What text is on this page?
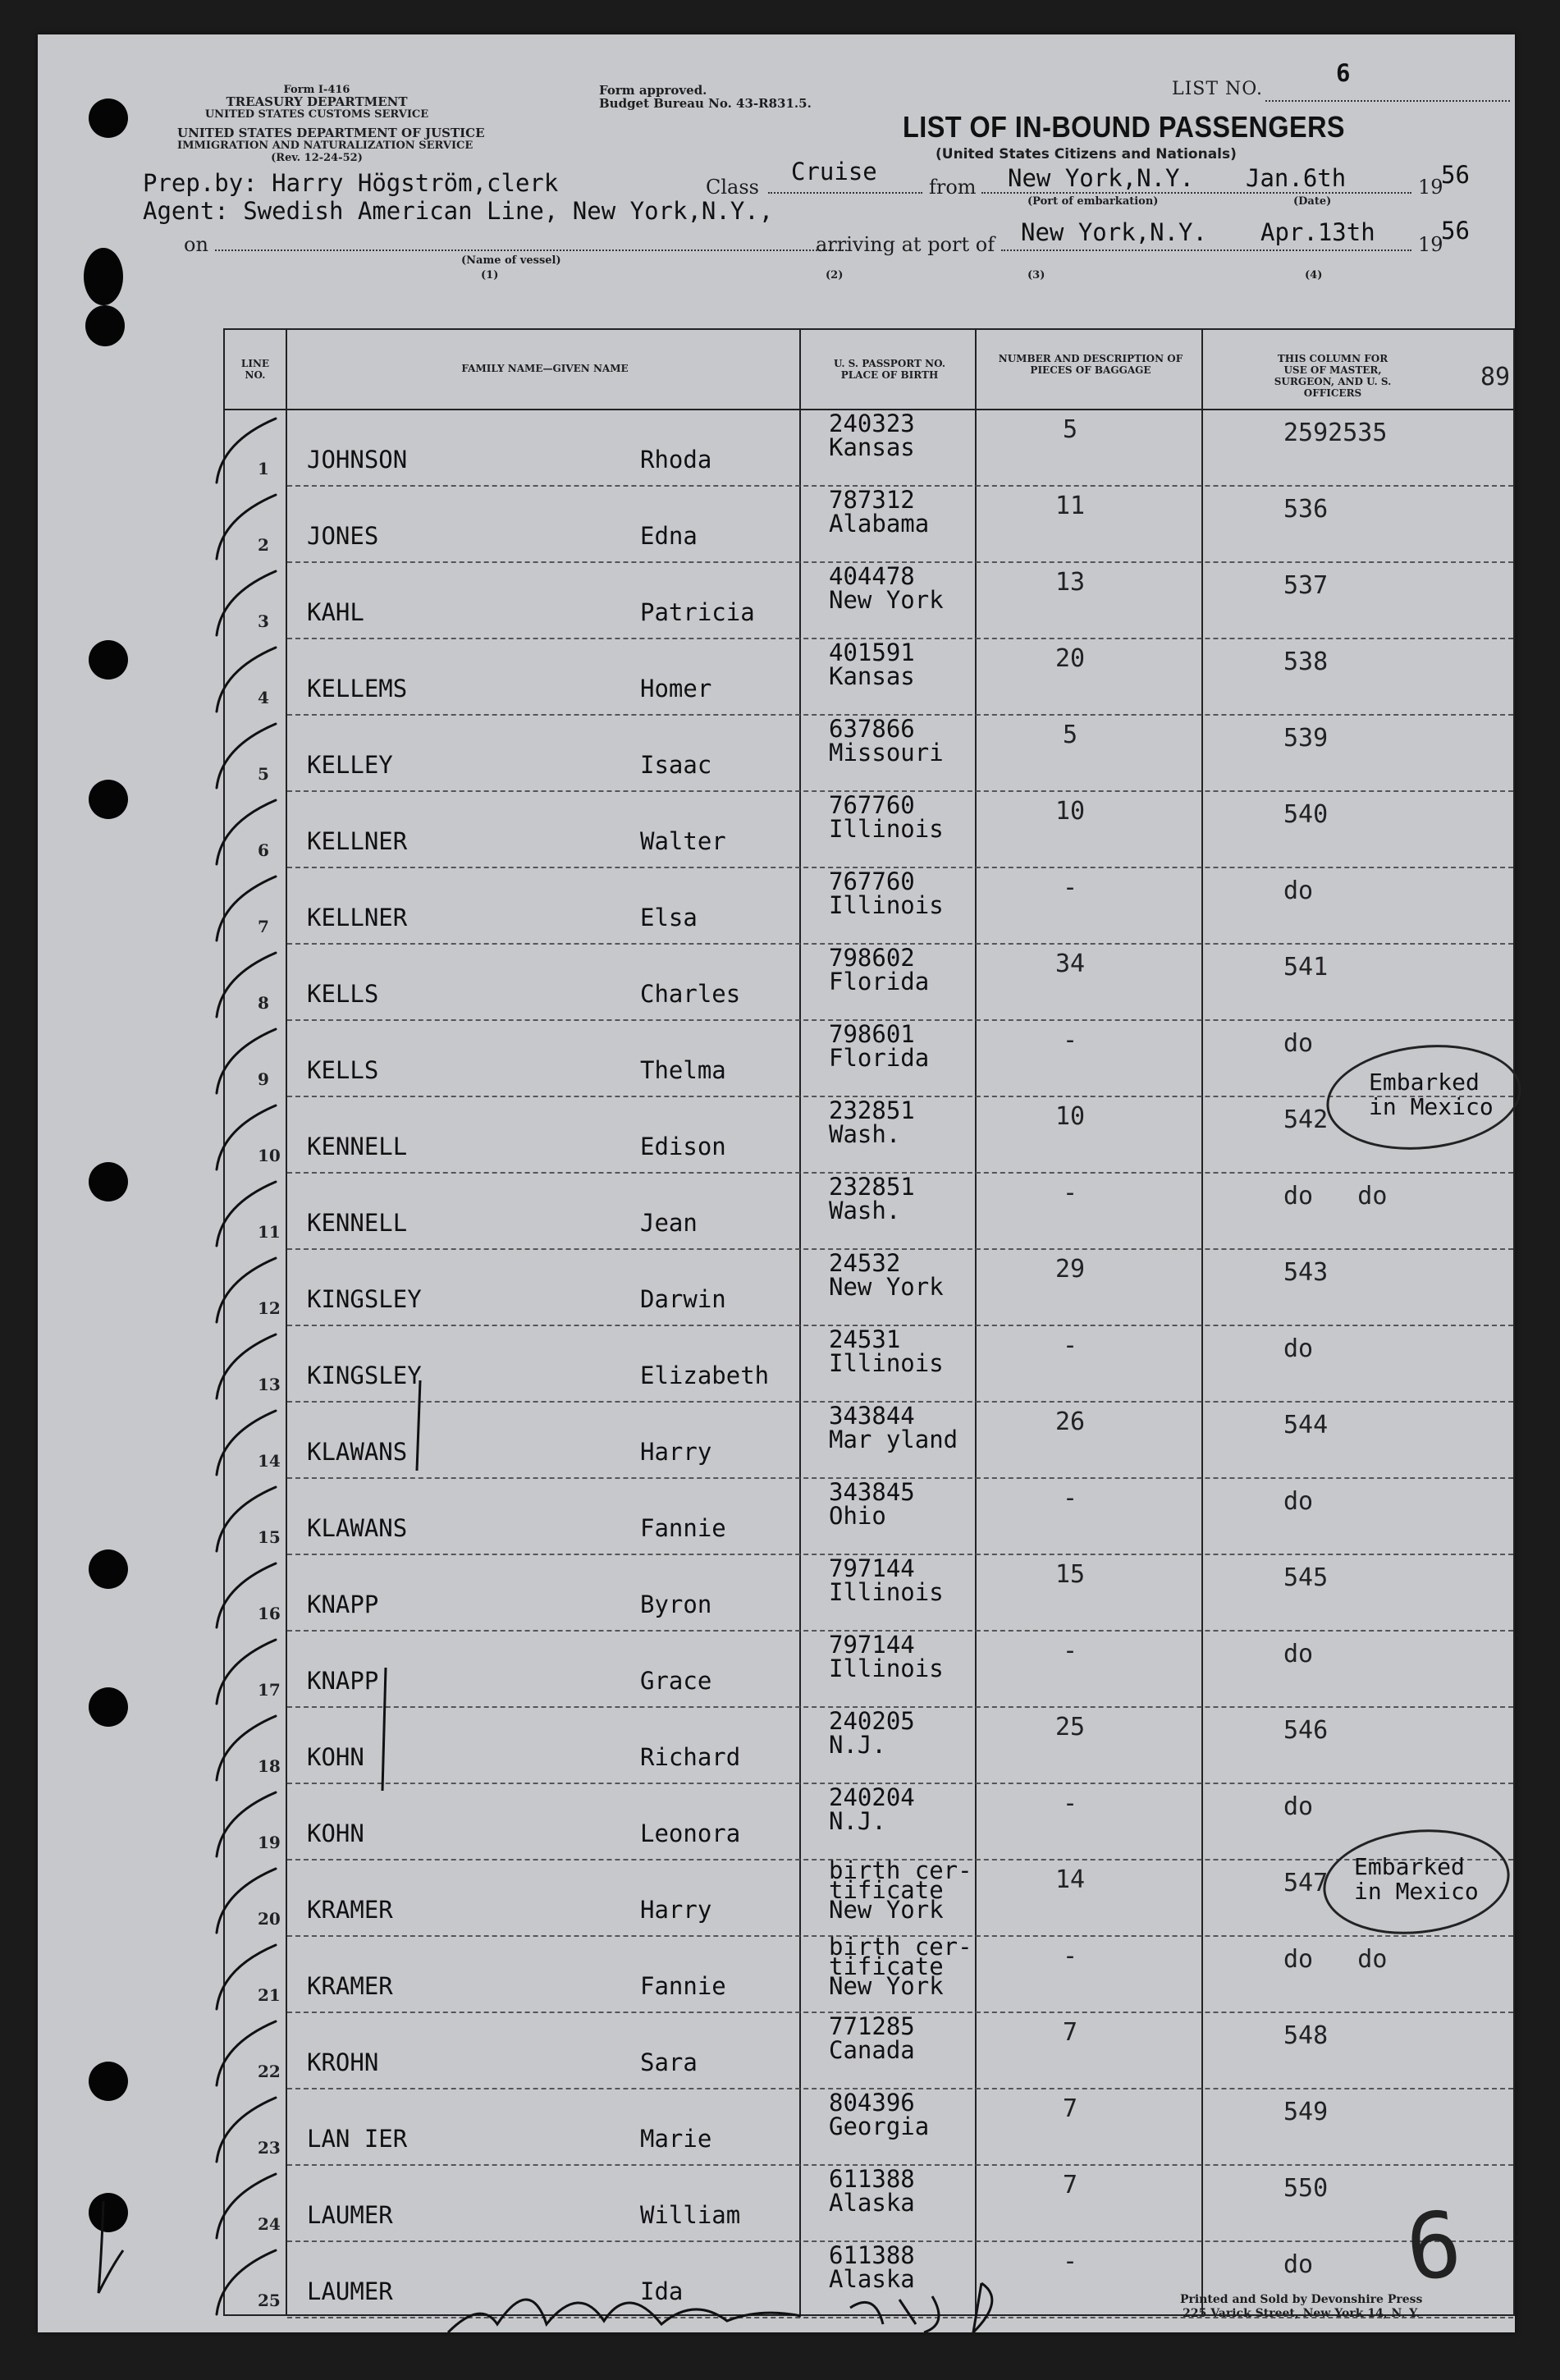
Form I-416
TREASURY DEPARTMENT
UNITED STATES CUSTOMS SERVICE
UNITED STATES DEPARTMENT OF JUSTICE
IMMIGRATION AND NATURALIZATION SERVICE
(Rev. 12-24-52)
Form approved.
Budget Bureau No. 43-R831.5.
LIST NO.
6
LIST OF IN-BOUND PASSENGERS
(United States Citizens and Nationals)
Prep.by: Harry Högström,clerk
Agent: Swedish American Line, New York,N.Y.,
Class
Cruise
from New York,N.Y. Jan.6th	19
56
(Port of embarkation)	(Date)
on
(Name of vessel)
(1)
arriving at port of New York,N.Y. Apr.13th 19
56
(2)	(3)	(4)
LINE NO.
FAMILY NAME—GIVEN NAME	U. S. PASSPORT NO. PLACE OF BIRTH
NUMBER AND DESCRIPTION OF PIECES OF BAGGAGE
THIS COLUMN FOR USE OF MASTER, SURGEON, AND U. S. OFFICERS
89
1 JOHNSON	Rhoda
240323
Kansas
5	2592535
2 JONES	Edna
787312
Alabama
11	536
3 KAHL	Patricia
404478
New York
13	537
4 KELLEMS	Homer
401591
Kansas
20	538
5 KELLEY	Isaac
637866
Missouri
5	539
6 KELLNER	Walter
767760
Illinois
10	540
7 KELLNER	Elsa
767760
Illinois
-	do
8 KELLS	Charles
798602
Florida
34	541
9 KELLS	Thelma
798601
Florida
-	do
10 KENNELL	Edison
232851
Wash.
10	542
11 KENNELL	Jean
232851
Wash.
-	do   do
12 KINGSLEY	Darwin
24532
New York
29	543
13 KINGSLEY	Elizabeth
24531
Illinois
-	do
14 KLAWANS	Harry
343844
Mar yland
26	544
15 KLAWANS	Fannie
343845
Ohio
-	do
16 KNAPP	Byron
797144
Illinois
15	545
17 KNAPP	Grace
797144
Illinois
-	do
18 KOHN	Richard
240205
N.J.
25	546
19 KOHN	Leonora
240204
N.J.
-	do
20 KRAMER	Harry
birth cer-
tificate
New York
14	547
21 KRAMER	Fannie
birth cer-
tificate
New York
-	do   do
22 KROHN	Sara
771285
Canada
7	548
23 LAN IER	Marie
804396
Georgia
7	549
24 LAUMER	William
611388
Alaska
7	550
25 LAUMER	Ida
611388
Alaska
-	do
Embarked
in Mexico
Embarked
in Mexico
Printed and Sold by Devonshire Press
225 Varick Street, New York 14, N. Y.
6
